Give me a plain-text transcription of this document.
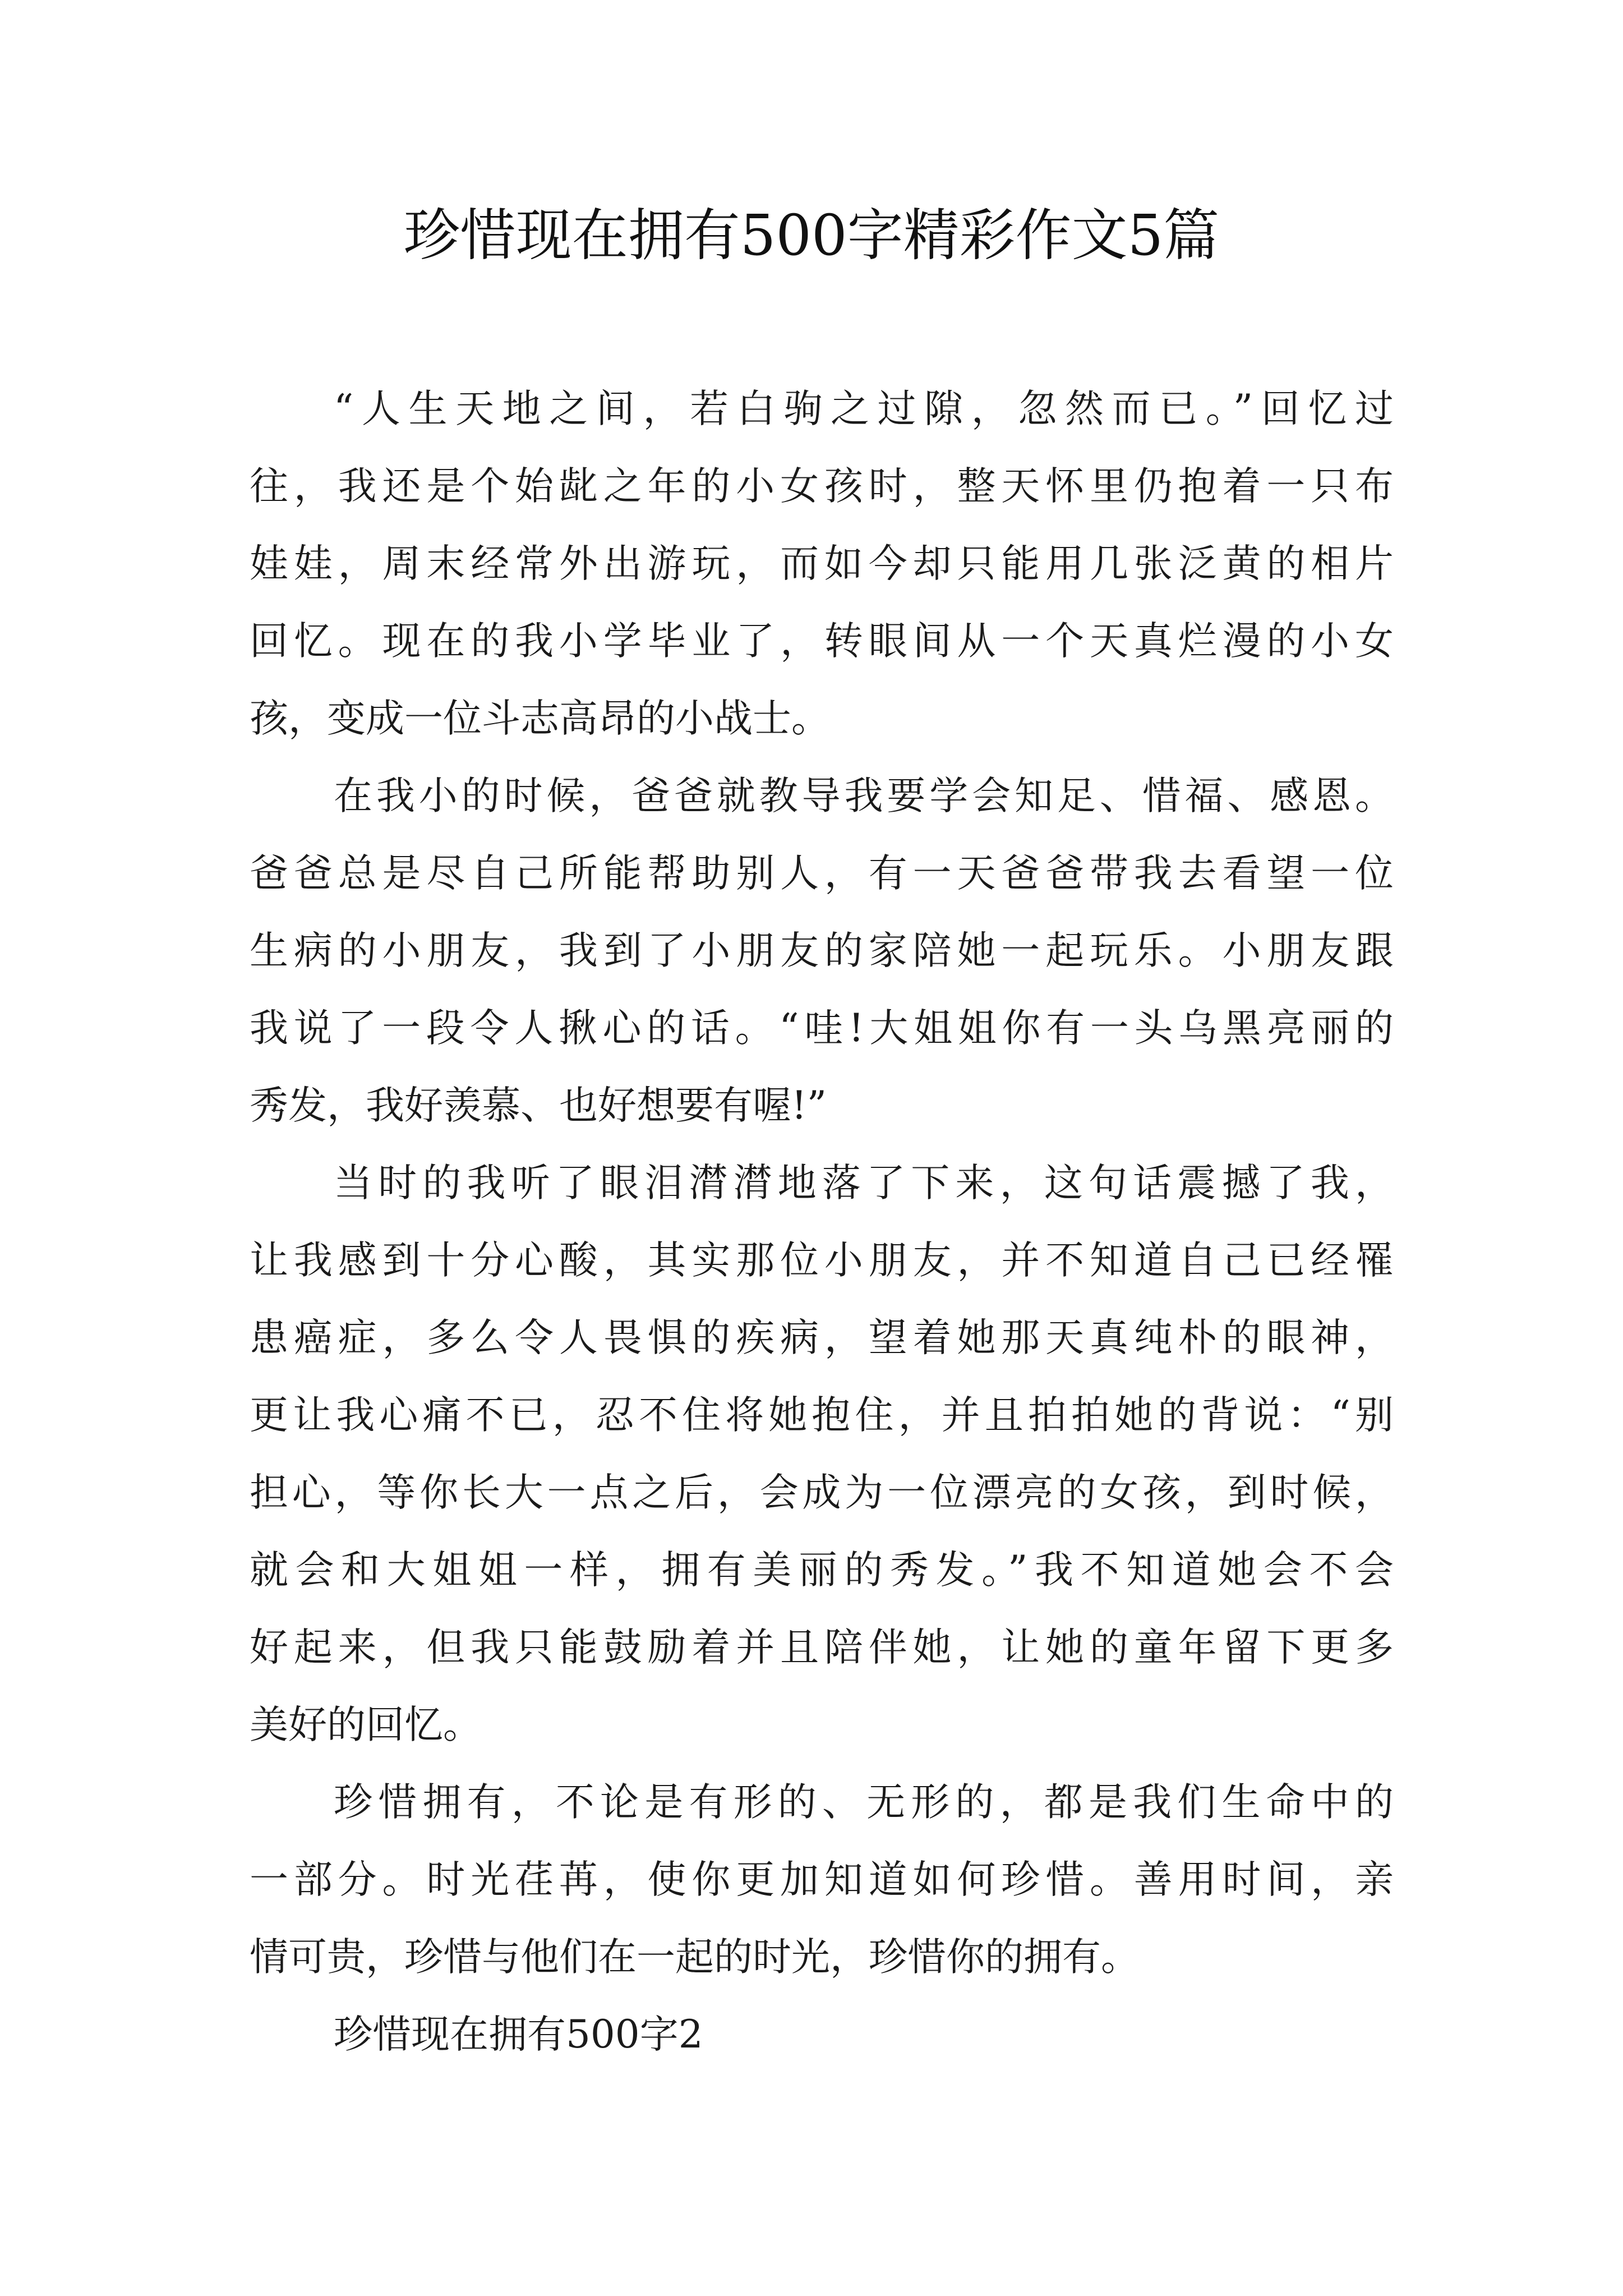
珍惜现在拥有500字精彩作文5篇
“人生天地之间，若白驹之过隙，忽然而已。”回忆过
往，我还是个始龀之年的小女孩时，整天怀里仍抱着一只布
娃娃，周末经常外出游玩，而如今却只能用几张泛黄的相片
回忆。现在的我小学毕业了，转眼间从一个天真烂漫的小女
孩，变成一位斗志高昂的小战士。
在我小的时候，爸爸就教导我要学会知足、惜福、感恩。
爸爸总是尽自己所能帮助别人，有一天爸爸带我去看望一位
生病的小朋友，我到了小朋友的家陪她一起玩乐。小朋友跟
我说了一段令人揪心的话。“哇!大姐姐你有一头乌黑亮丽的
秀发，我好羡慕、也好想要有喔!”
当时的我听了眼泪潸潸地落了下来，这句话震撼了我，
让我感到十分心酸，其实那位小朋友，并不知道自己已经罹
患癌症，多么令人畏惧的疾病，望着她那天真纯朴的眼神，
更让我心痛不已，忍不住将她抱住，并且拍拍她的背说：“别
担心，等你长大一点之后，会成为一位漂亮的女孩，到时候，
就会和大姐姐一样，拥有美丽的秀发。”我不知道她会不会
好起来，但我只能鼓励着并且陪伴她，让她的童年留下更多
美好的回忆。
珍惜拥有，不论是有形的、无形的，都是我们生命中的
一部分。时光荏苒，使你更加知道如何珍惜。善用时间，亲
情可贵，珍惜与他们在一起的时光，珍惜你的拥有。
珍惜现在拥有500字2
